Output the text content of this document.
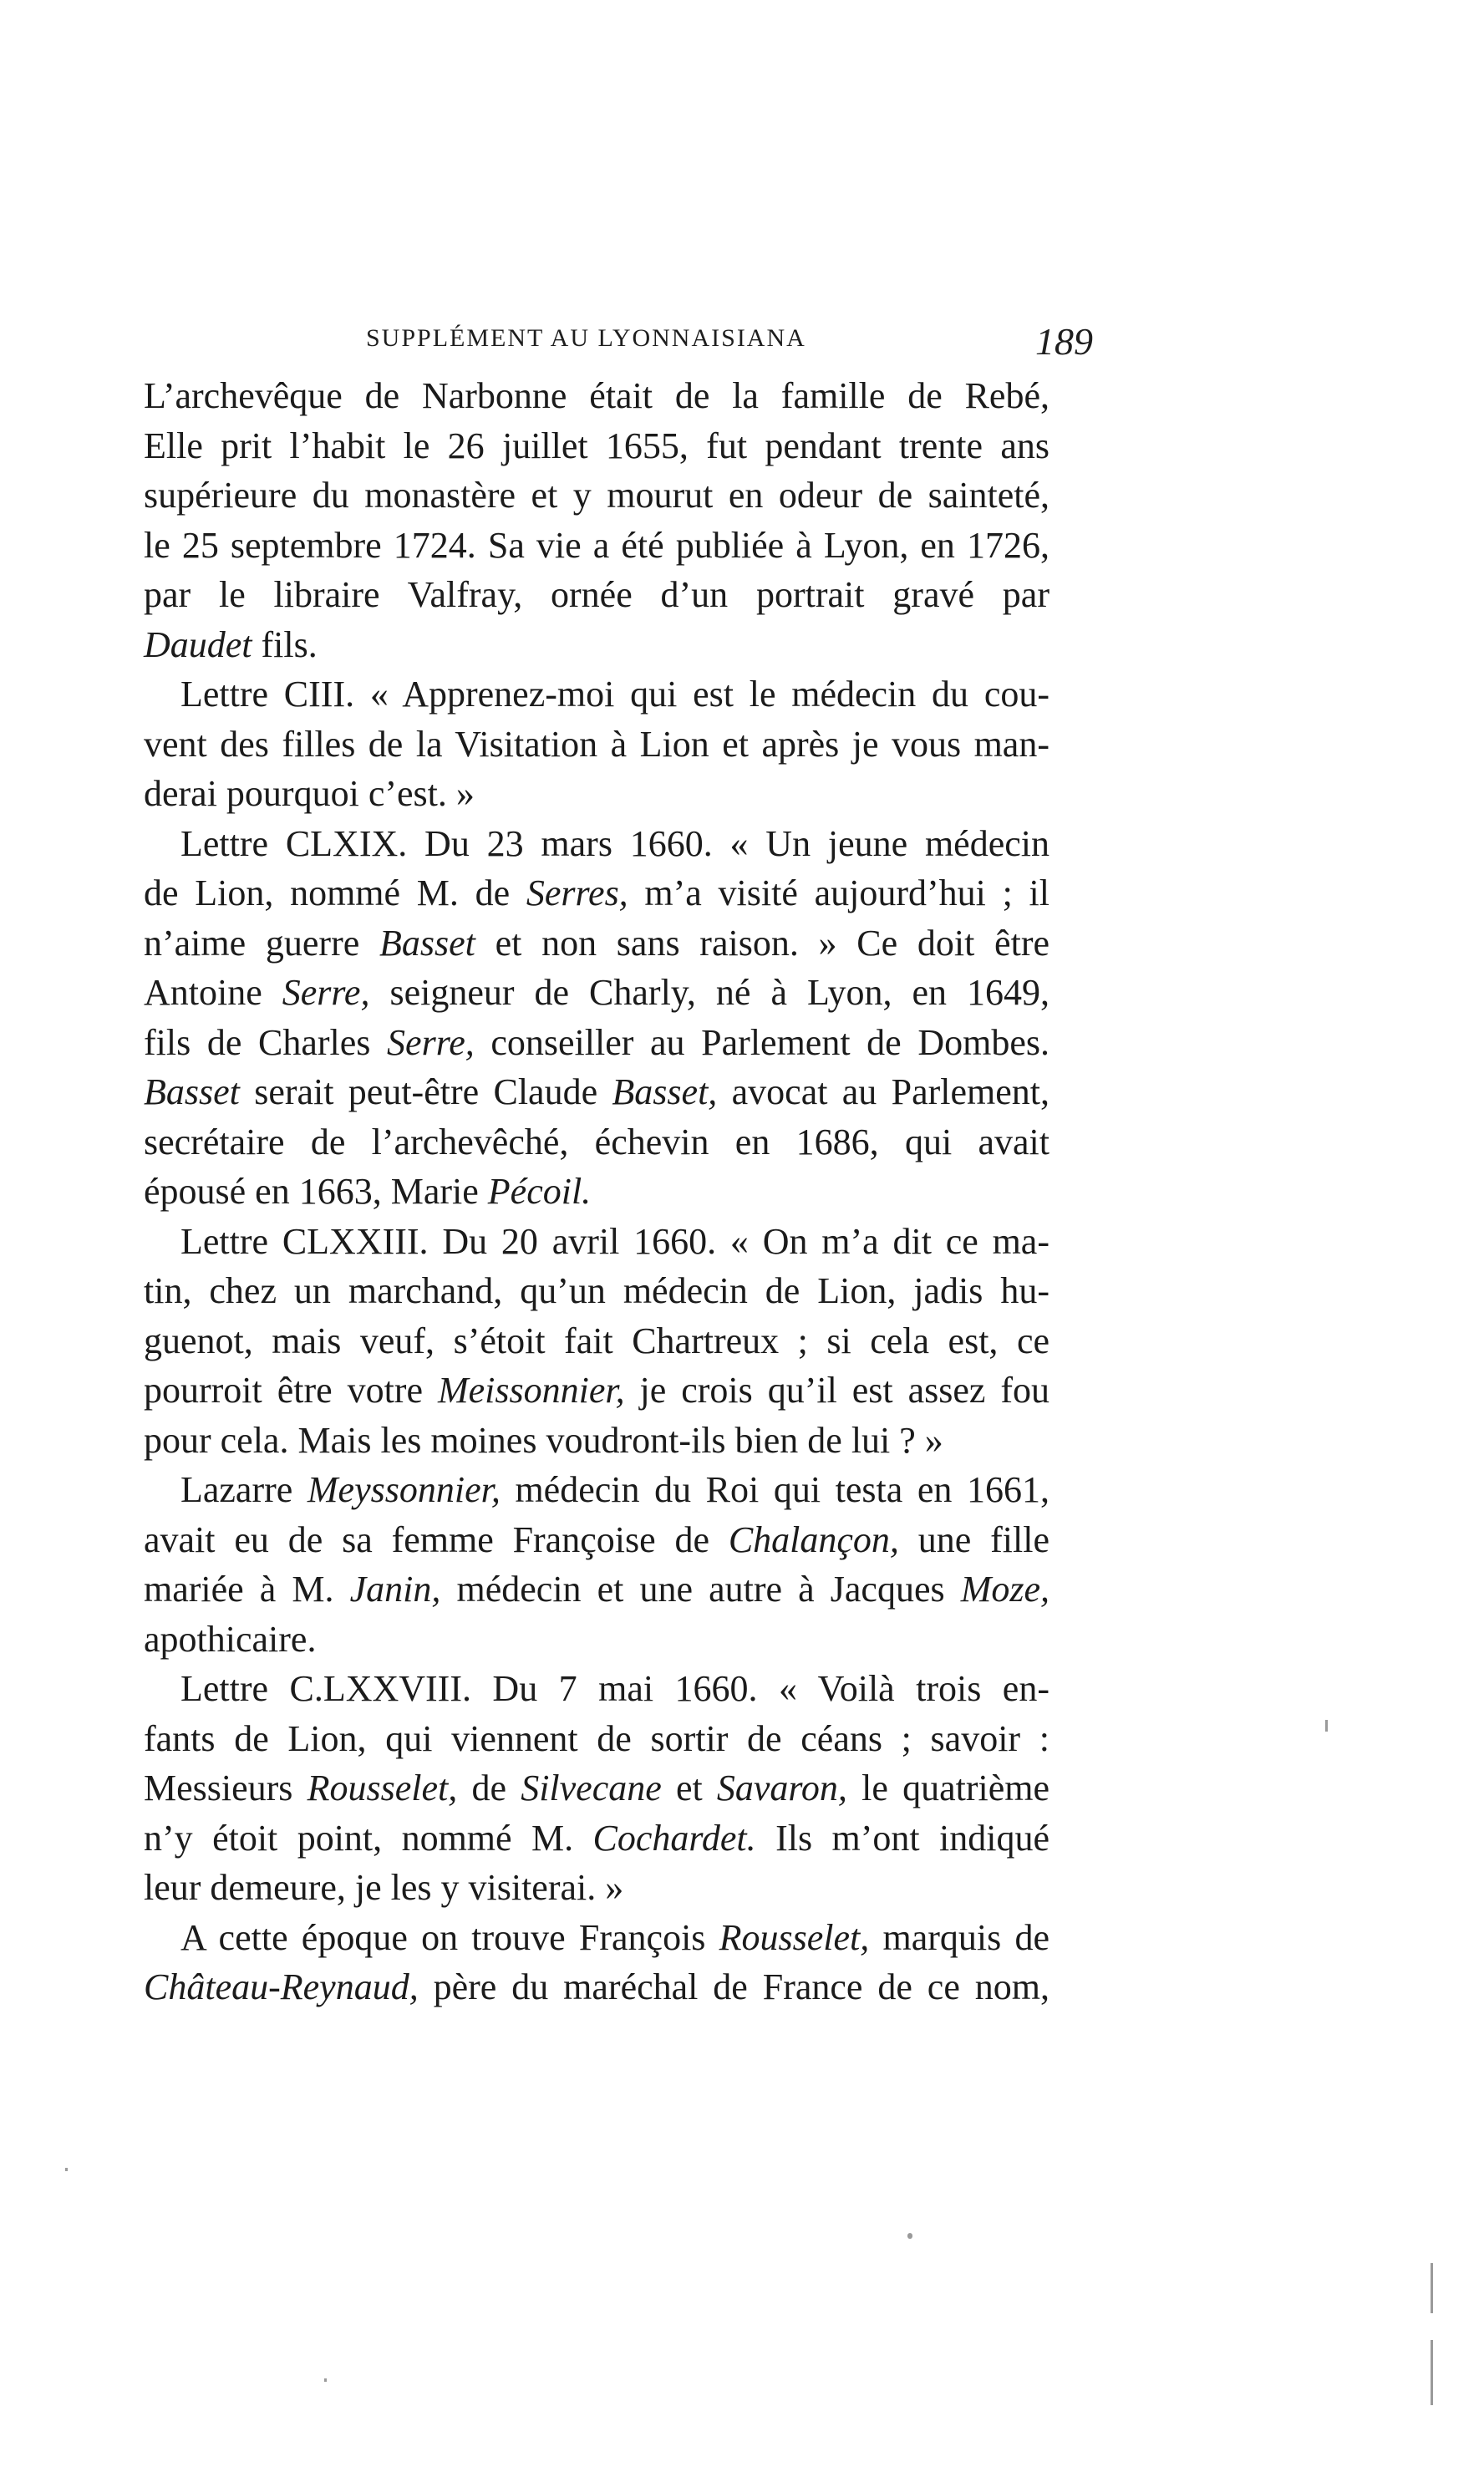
SUPPLÉMENT AU LYONNAISIANA	189

L’archevêque de Narbonne était de la famille de Rebé,
Elle prit l’habit le 26 juillet 1655, fut pendant trente ans
supérieure du monastère et y mourut en odeur de sainteté,
le 25 septembre 1724. Sa vie a été publiée à Lyon, en 1726,
par le libraire Valfray, ornée d’un portrait gravé par
Daudet fils.

Lettre CIII. « Apprenez-moi qui est le médecin du cou-
vent des filles de la Visitation à Lion et après je vous man-
derai pourquoi c’est. »

Lettre CLXIX. Du 23 mars 1660. « Un jeune médecin
de Lion, nommé M. de Serres, m’a visité aujourd’hui ; il
n’aime guerre Basset et non sans raison. » Ce doit être
Antoine Serre, seigneur de Charly, né à Lyon, en 1649,
fils de Charles Serre, conseiller au Parlement de Dombes.
Basset serait peut-être Claude Basset, avocat au Parlement,
secrétaire de l’archevêché, échevin en 1686, qui avait
épousé en 1663, Marie Pécoil.

Lettre CLXXIII. Du 20 avril 1660. « On m’a dit ce ma-
tin, chez un marchand, qu’un médecin de Lion, jadis hu-
guenot, mais veuf, s’étoit fait Chartreux ; si cela est, ce
pourroit être votre Meissonnier, je crois qu’il est assez fou
pour cela. Mais les moines voudront-ils bien de lui ? »

Lazarre Meyssonnier, médecin du Roi qui testa en 1661,
avait eu de sa femme Françoise de Chalançon, une fille
mariée à M. Janin, médecin et une autre à Jacques Moze,
apothicaire.

Lettre C.LXXVIII. Du 7 mai 1660. « Voilà trois en-
fants de Lion, qui viennent de sortir de céans ; savoir :
Messieurs Rousselet, de Silvecane et Savaron, le quatrième
n’y étoit point, nommé M. Cochardet. Ils m’ont indiqué
leur demeure, je les y visiterai. »

A cette époque on trouve François Rousselet, marquis de
Château-Reynaud, père du maréchal de France de ce nom,
